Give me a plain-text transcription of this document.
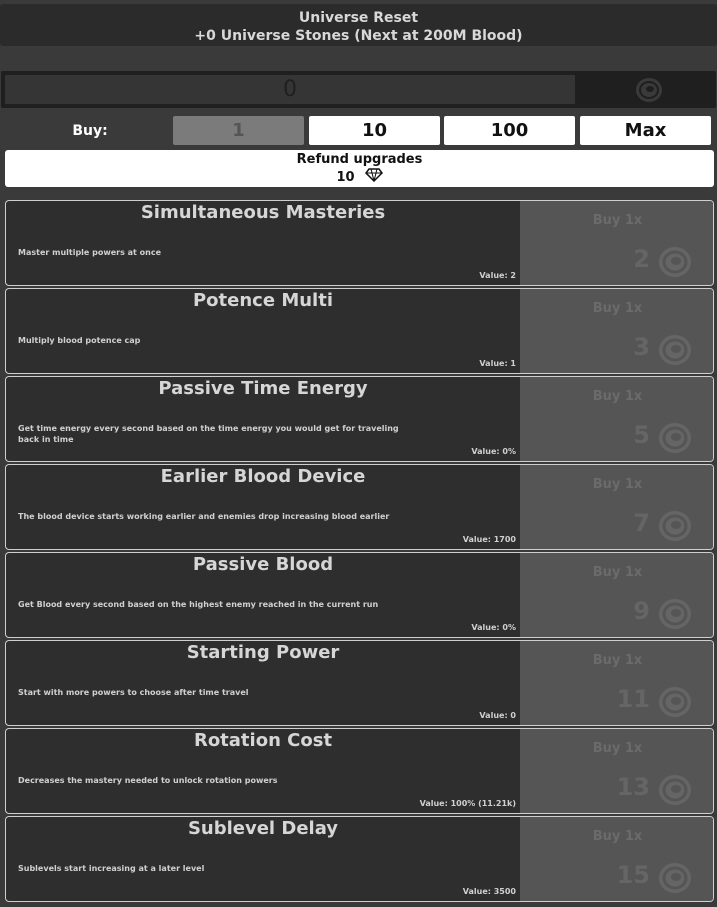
Universe Reset
+0 Universe Stones (Next at 200M Blood)
0
Buy:	1	10	100	Max
Refund upgrades
10
Simultaneous Masteries
Master multiple powers at once
Value: 2
Buy 1x
2
Potence Multi
Multiply blood potence cap
Value: 1
Buy 1x
3
Passive Time Energy
Get time energy every second based on the time energy you would get for traveling back in time
Value: 0%
Buy 1x
5
Earlier Blood Device
The blood device starts working earlier and enemies drop increasing blood earlier
Value: 1700
Buy 1x
7
Passive Blood
Get Blood every second based on the highest enemy reached in the current run
Value: 0%
Buy 1x
9
Starting Power
Start with more powers to choose after time travel
Value: 0
Buy 1x
11
Rotation Cost
Decreases the mastery needed to unlock rotation powers
Value: 100% (11.21k)
Buy 1x
13
Sublevel Delay
Sublevels start increasing at a later level
Value: 3500
Buy 1x
15
